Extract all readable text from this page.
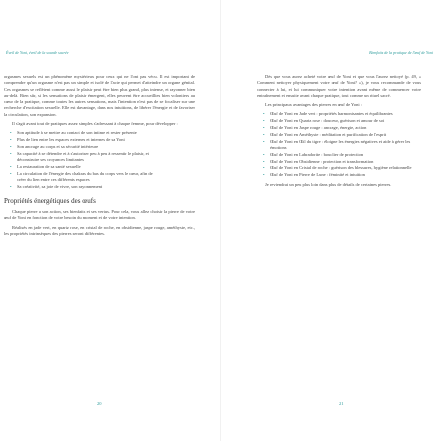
Éveil de Yoni, éveil de la sourde sacrée

orgasmes sexuels est un phénomène mystérieux pour ceux qui ne l'ont pas vécu. Il est important de comprendre qu'un orgasme n'est pas un simple et isolé de l'acte qui permet d'atteindre un organe génital. Ces orgasmes se reflètent comme aussi le plaisir peut être bien plus grand, plus intense, et rayonner bien au-delà. Bien sûr, si les sensations de plaisir émergent, elles peuvent être accueillies bien volontiers au cœur de la pratique, comme toutes les autres sensations, mais l'intention n'est pas de se focaliser sur une recherche d'excitation sexuelle. Elle est davantage, dans nos intuitions, de libérer l'énergie et de favoriser la circulation, son expansion.

Il s'agit avant tout de pratiques assez simples s'adressant à chaque femme, pour développer :

• Son aptitude à se mettre au contact de son intime et rester présente
• Plus de lien entre les espaces externes et internes de sa Yoni
• Son ancrage au corps et sa sécurité intérieure
• Sa capacité à se détendre et à s'autoriser peu à peu à ressentir le plaisir, et déconstruire ses croyances limitantes
• La restauration de sa santé sexuelle
• La circulation de l'énergie des chakras du bas du corps vers le cœur, afin de créer du lien entre ces différents espaces
• Sa créativité, sa joie de vivre, son rayonnement
Propriétés énergétiques des œufs

Chaque pierre a son action, ses bienfaits et ses vertus. Pour cela, vous allez choisir la pierre de votre œuf de Yoni en fonction de votre besoin du moment et de votre intention.

Réalisés en jade vert, en quartz rose, en cristal de roche, en obsidienne, jaspe rouge, améthyste, etc., les propriétés intrinsèques des pierres seront différentes.

20
Bienfaits de la pratique de l'œuf de Yoni

Dès que vous aurez acheté votre œuf de Yoni et que vous l'aurez nettoyé (p. 49, « Comment nettoyer physiquement votre œuf de Yoni? »), je vous recommande de vous connecter à lui, et lui communiquer votre intention avant même de commencer votre entraînement et ensuite avant chaque pratique, tout comme un rituel sacré.

Les principaux avantages des pierres en œuf de Yoni :

• Œuf de Yoni en Jade vert : propriétés harmonisantes et équilibrantes
• Œuf de Yoni en Quartz rose : douceur, guérison et amour de soi
• Œuf de Yoni en Jaspe rouge : ancrage, énergie, action
• Œuf de Yoni en Améthyste : méditation et purification de l'esprit
• Œuf de Yoni en Œil du tigre : éloigne les énergies négatives et aide à gérer les émotions
• Œuf de Yoni en Labradorite : bouclier de protection
• Œuf de Yoni en Obsidienne : protection et transformation
• Œuf de Yoni en Cristal de roche : guérison des blessures, hygiène relationnelle
• Œuf de Yoni en Pierre de Lune : féminité et intuition

Je reviendrai un peu plus loin dans plus de détails de certaines pierres.

21
